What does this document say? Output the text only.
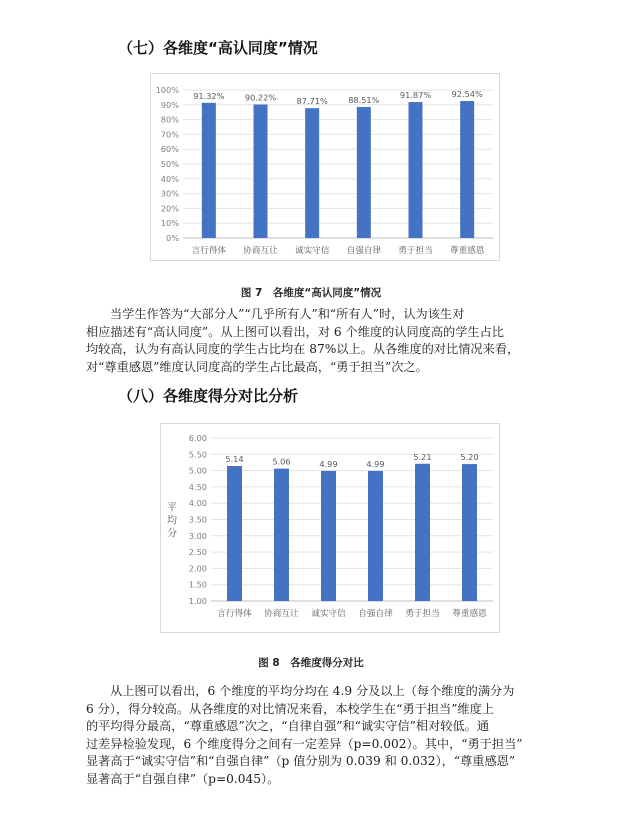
（七）各维度“高认同度”情况
0%
10%
20%
30%
40%
50%
60%
70%
80%
90%
100%
91.32%
言行得体
90.22%
协商互让
87.71%
诚实守信
88.51%
自强自律
91.87%
勇于担当
92.54%
尊重感恩
图 7　各维度“高认同度”情况
当学生作答为“大部分人”“几乎所有人”和“所有人”时，认为该生对
相应描述有“高认同度”。从上图可以看出，对 6 个维度的认同度高的学生占比
均较高，认为有高认同度的学生占比均在 87%以上。从各维度的对比情况来看，
对“尊重感恩”维度认同度高的学生占比最高，“勇于担当”次之。
（八）各维度得分对比分析
1.00
1.50
2.00
2.50
3.00
3.50
4.00
4.50
5.00
5.50
6.00
5.14
言行得体
5.06
协商互让
4.99
诚实守信
4.99
自强自律
5.21
勇于担当
5.20
尊重感恩
平
均
分
图 8　各维度得分对比
从上图可以看出，6 个维度的平均分均在 4.9 分及以上（每个维度的满分为
6 分），得分较高。从各维度的对比情况来看，本校学生在“勇于担当”维度上
的平均得分最高，“尊重感恩”次之，“自律自强”和“诚实守信”相对较低。通
过差异检验发现，6 个维度得分之间有一定差异（p=0.002）。其中，“勇于担当”
显著高于“诚实守信”和“自强自律”（p 值分别为 0.039 和 0.032），“尊重感恩”
显著高于“自强自律”（p=0.045）。
